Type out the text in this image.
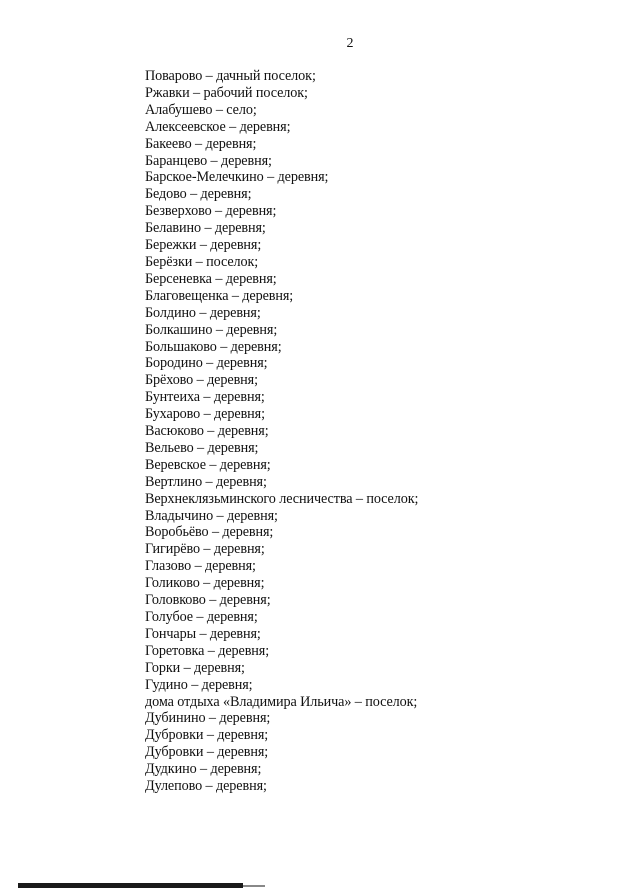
2
Поварово – дачный поселок;
Ржавки – рабочий поселок;
Алабушево – село;
Алексеевское – деревня;
Бакеево – деревня;
Баранцево – деревня;
Барское-Мелечкино – деревня;
Бедово – деревня;
Безверхово – деревня;
Белавино – деревня;
Бережки – деревня;
Берёзки – поселок;
Берсеневка – деревня;
Благовещенка – деревня;
Болдино – деревня;
Болкашино – деревня;
Большаково – деревня;
Бородино – деревня;
Брёхово – деревня;
Бунтеиха – деревня;
Бухарово – деревня;
Васюково – деревня;
Вельево – деревня;
Веревское – деревня;
Вертлино – деревня;
Верхнеклязьминского лесничества – поселок;
Владычино – деревня;
Воробьёво – деревня;
Гигирёво – деревня;
Глазово – деревня;
Голиково – деревня;
Головково – деревня;
Голубое – деревня;
Гончары – деревня;
Горетовка – деревня;
Горки – деревня;
Гудино – деревня;
дома отдыха «Владимира Ильича» – поселок;
Дубинино – деревня;
Дубровки – деревня;
Дубровки – деревня;
Дудкино – деревня;
Дулепово – деревня;
